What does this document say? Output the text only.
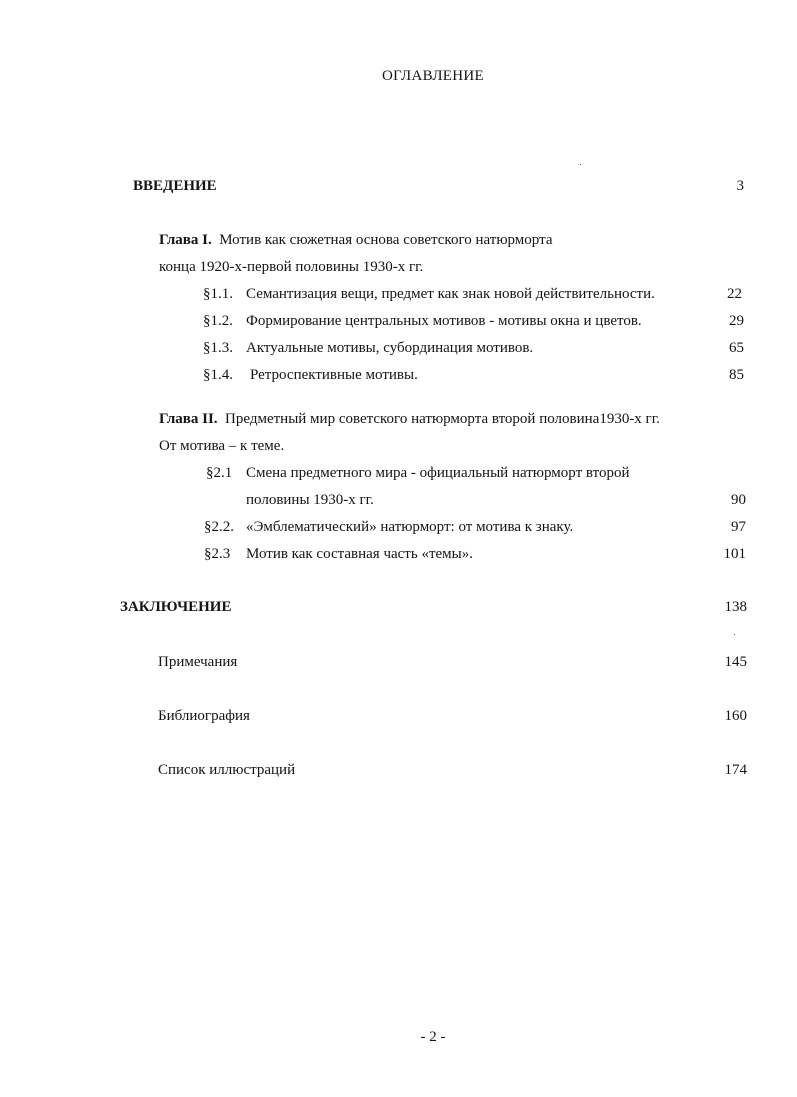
ОГЛАВЛЕНИЕ
ВВЕДЕНИЕ	3
Глава I. Мотив как сюжетная основа советского натюрморта
конца 1920-х-первой половины 1930-х гг.
§1.1. Семантизация вещи, предмет как знак новой действительности.	22
§1.2. Формирование центральных мотивов - мотивы окна и цветов.	29
§1.3. Актуальные мотивы, субординация мотивов.	65
§1.4. Ретроспективные мотивы.	85
Глава II. Предметный мир советского натюрморта второй половина1930-х гг.
От мотива – к теме.
§2.1 Смена предметного мира - официальный натюрморт второй
половины 1930-х гг.	90
§2.2. «Эмблематический» натюрморт: от мотива к знаку.	97
§2.3 Мотив как составная часть «темы».	101
ЗАКЛЮЧЕНИЕ	138
Примечания	145
Библиография	160
Список иллюстраций	174
- 2 -
